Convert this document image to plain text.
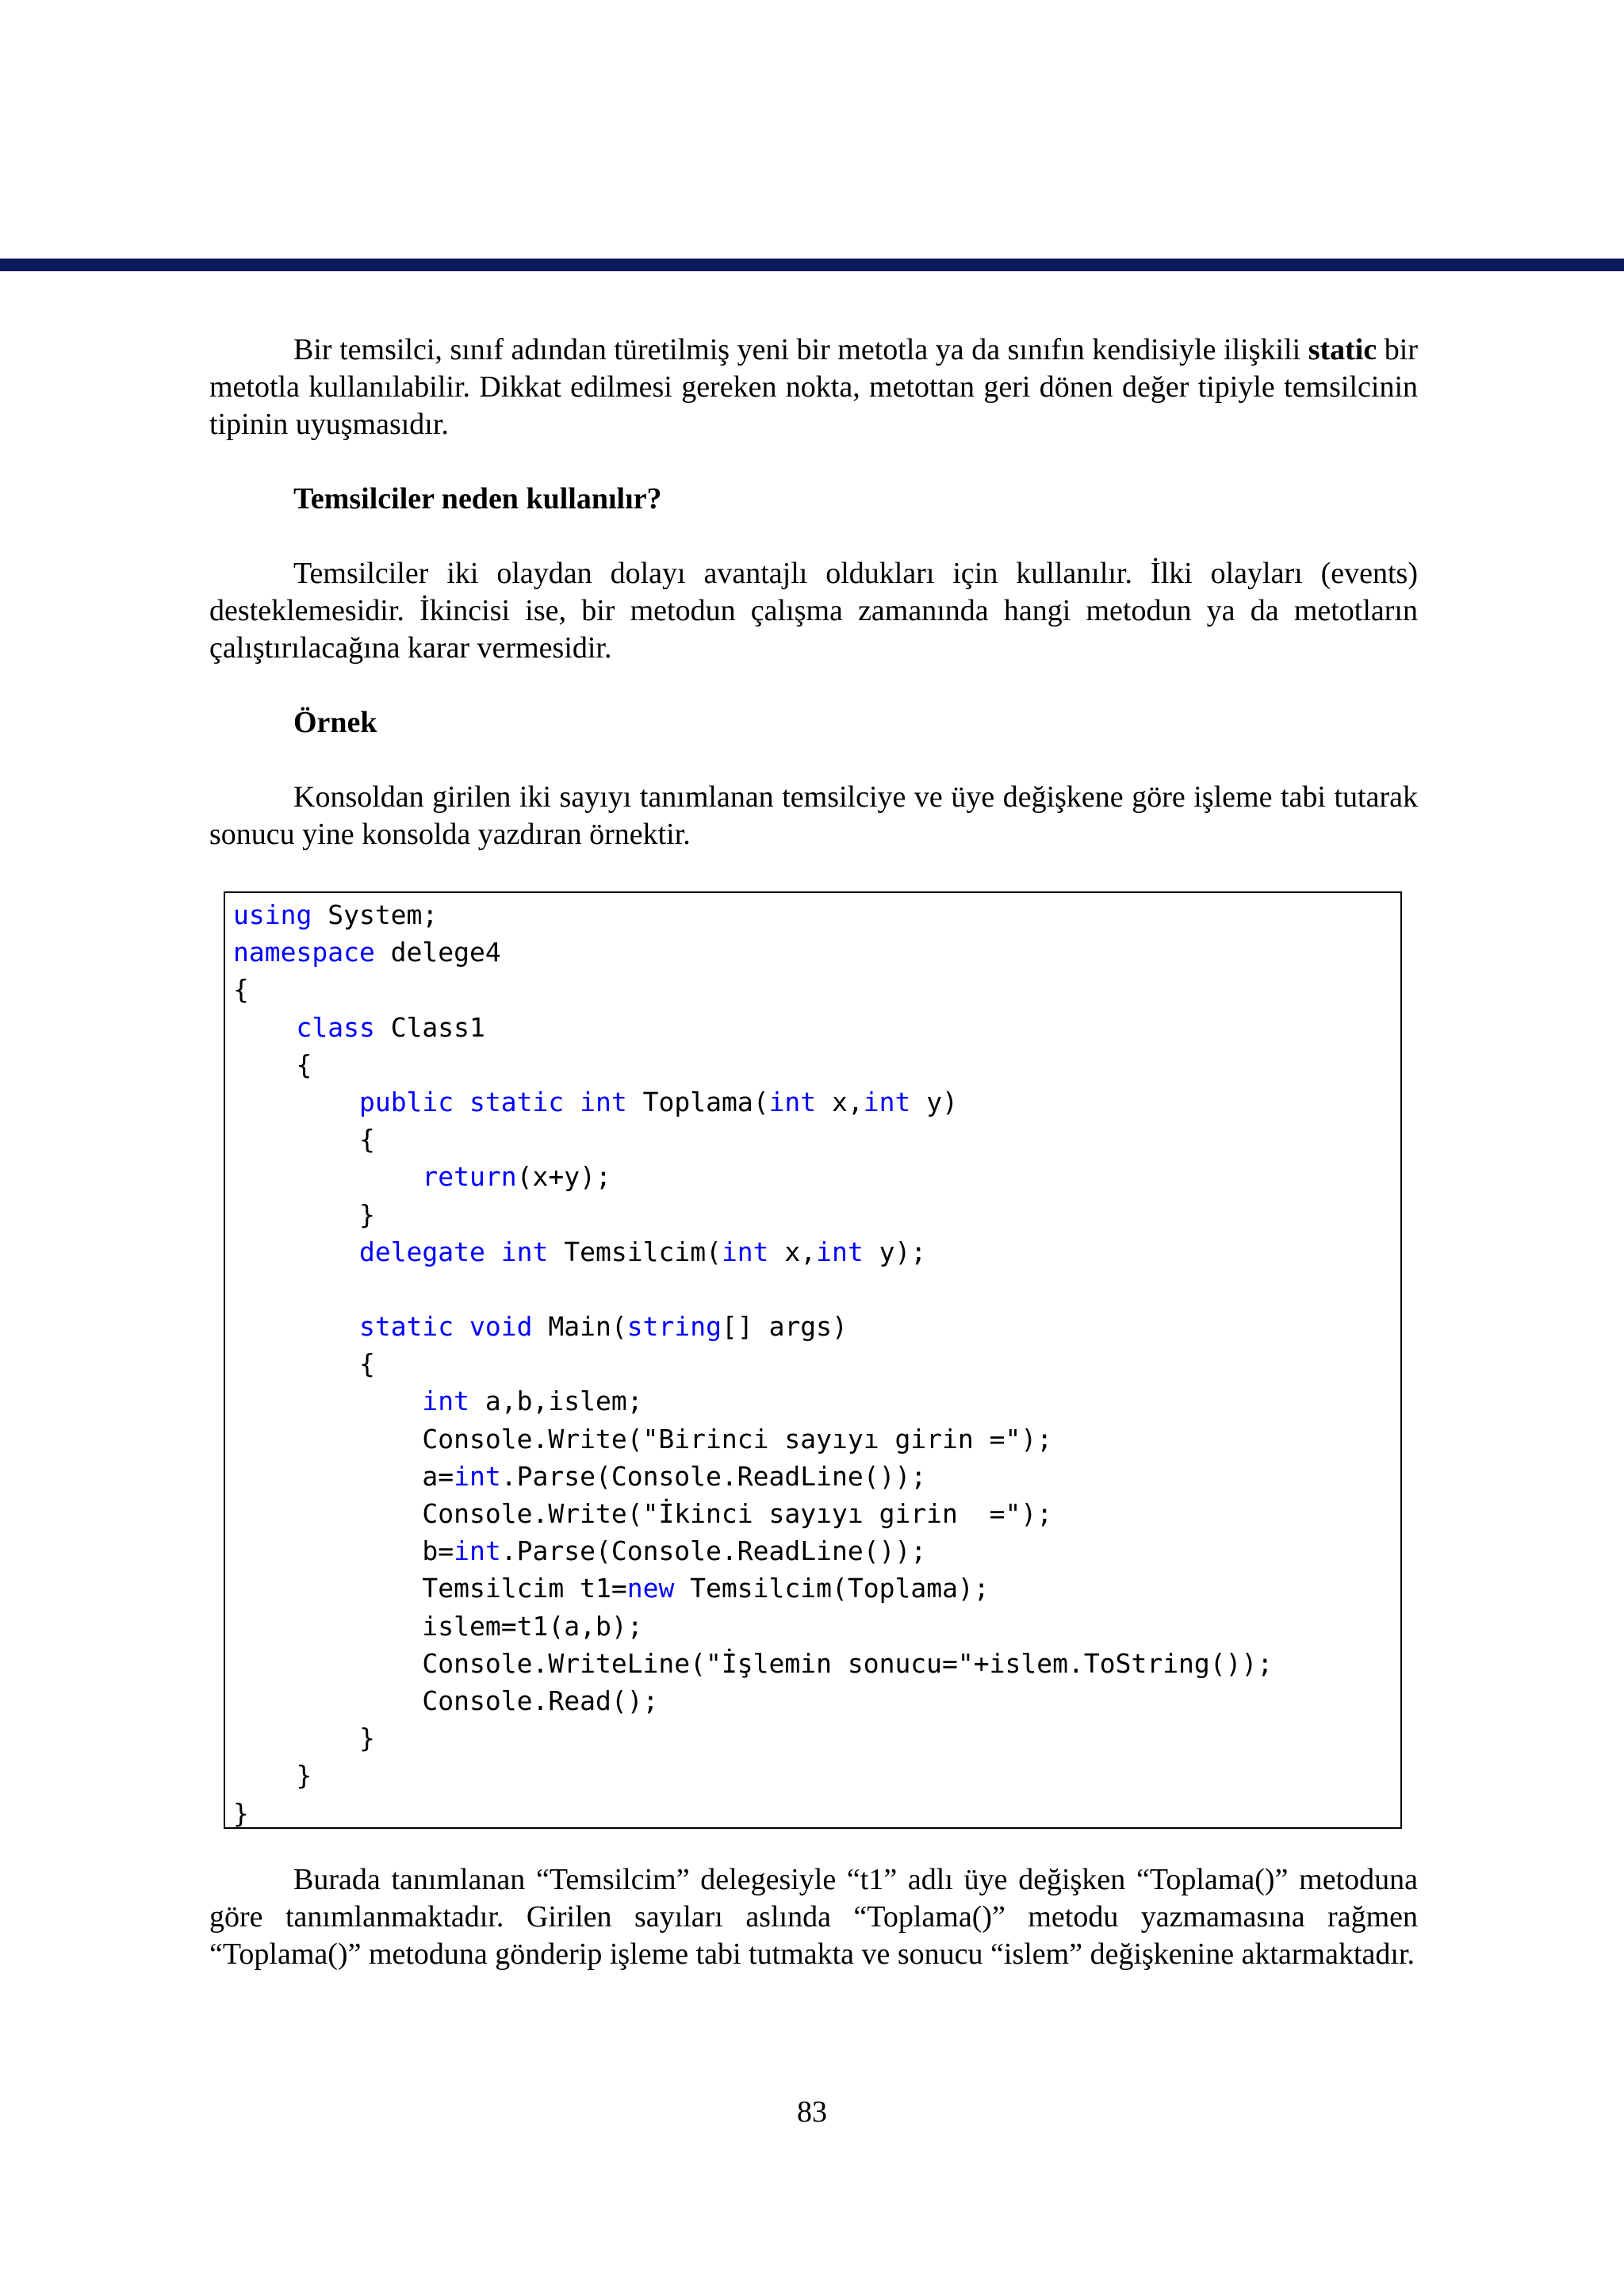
Bir temsilci, sınıf adından türetilmiş yeni bir metotla ya da sınıfın kendisiyle ilişkili static bir metotla kullanılabilir. Dikkat edilmesi gereken nokta, metottan geri dönen değer tipiyle temsilcinin tipinin uyuşmasıdır.

Temsilciler neden kullanılır?

Temsilciler iki olaydan dolayı avantajlı oldukları için kullanılır. İlki olayları (events) desteklemesidir. İkincisi ise, bir metodun çalışma zamanında hangi metodun ya da metotların çalıştırılacağına karar vermesidir.

Örnek

Konsoldan girilen iki sayıyı tanımlanan temsilciye ve üye değişkene göre işleme tabi tutarak sonucu yine konsolda yazdıran örnektir.

using System;
namespace delege4
{
class Class1
{
public static int Toplama(int x,int y)
{
return(x+y);
}
delegate int Temsilcim(int x,int y);
static void Main(string[] args)
{
int a,b,islem;
Console.Write("Birinci sayıyı girin =");
a=int.Parse(Console.ReadLine());
Console.Write("İkinci sayıyı girin  =");
b=int.Parse(Console.ReadLine());
Temsilcim t1=new Temsilcim(Toplama);
islem=t1(a,b);
Console.WriteLine("İşlemin sonucu="+islem.ToString());
Console.Read();
}
}
}

Burada tanımlanan “Temsilcim” delegesiyle “t1” adlı üye değişken “Toplama()” metoduna göre tanımlanmaktadır. Girilen sayıları aslında “Toplama()” metodu yazmamasına rağmen “Toplama()” metoduna gönderip işleme tabi tutmakta ve sonucu “islem” değişkenine aktarmaktadır.

83
